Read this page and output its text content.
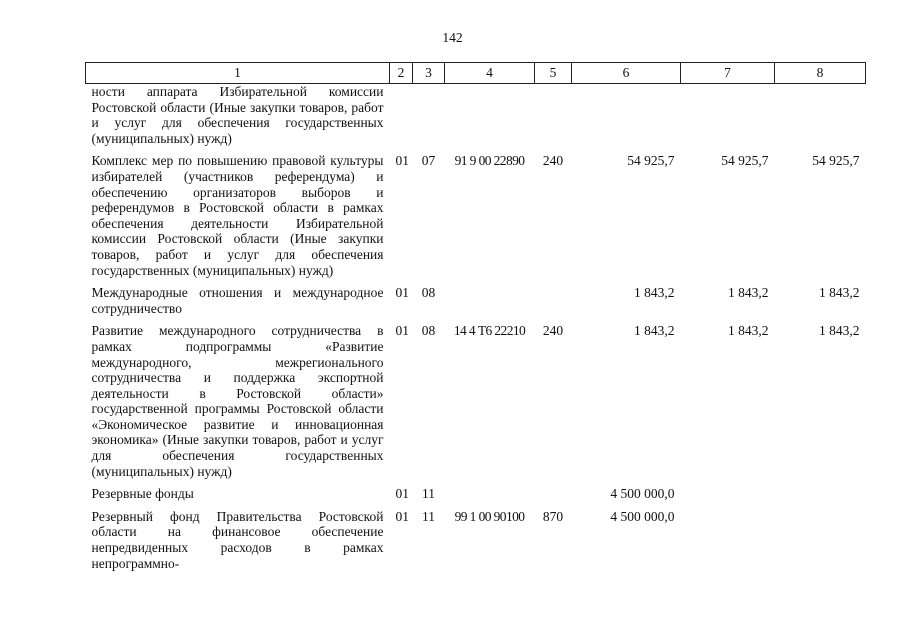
142
1	2	3	4	5	6	7	8
ности аппарата Избирательной комиссии Ростовской области (Иные закупки товаров, работ и услуг для обеспечения государственных (муниципальных) нужд)							
Комплекс мер по повышению правовой культуры избирателей (участников референдума) и обеспечению организаторов выборов и референдумов в Ростовской области в рамках обеспечения деятельности Избирательной комиссии Ростовской области (Иные закупки товаров, работ и услуг для обеспечения государственных (муниципальных) нужд)	01	07	91 9 00 22890	240	54 925,7	54 925,7	54 925,7
Международные отношения и международное сотрудничество	01	08			1 843,2	1 843,2	1 843,2
Развитие международного сотрудничества в рамках подпрограммы «Развитие международного, межрегионального сотрудничества и поддержка экспортной деятельности в Ростовской области» государственной программы Ростовской области «Экономическое развитие и инновационная экономика» (Иные закупки товаров, работ и услуг для обеспечения государственных (муниципальных) нужд)	01	08	14 4 Т6 22210	240	1 843,2	1 843,2	1 843,2
Резервные фонды	01	11			4 500 000,0		
Резервный фонд Правительства Ростовской области на финансовое обеспечение непредвиденных расходов в рамках непрограммно-	01	11	99 1 00 90100	870	4 500 000,0		
